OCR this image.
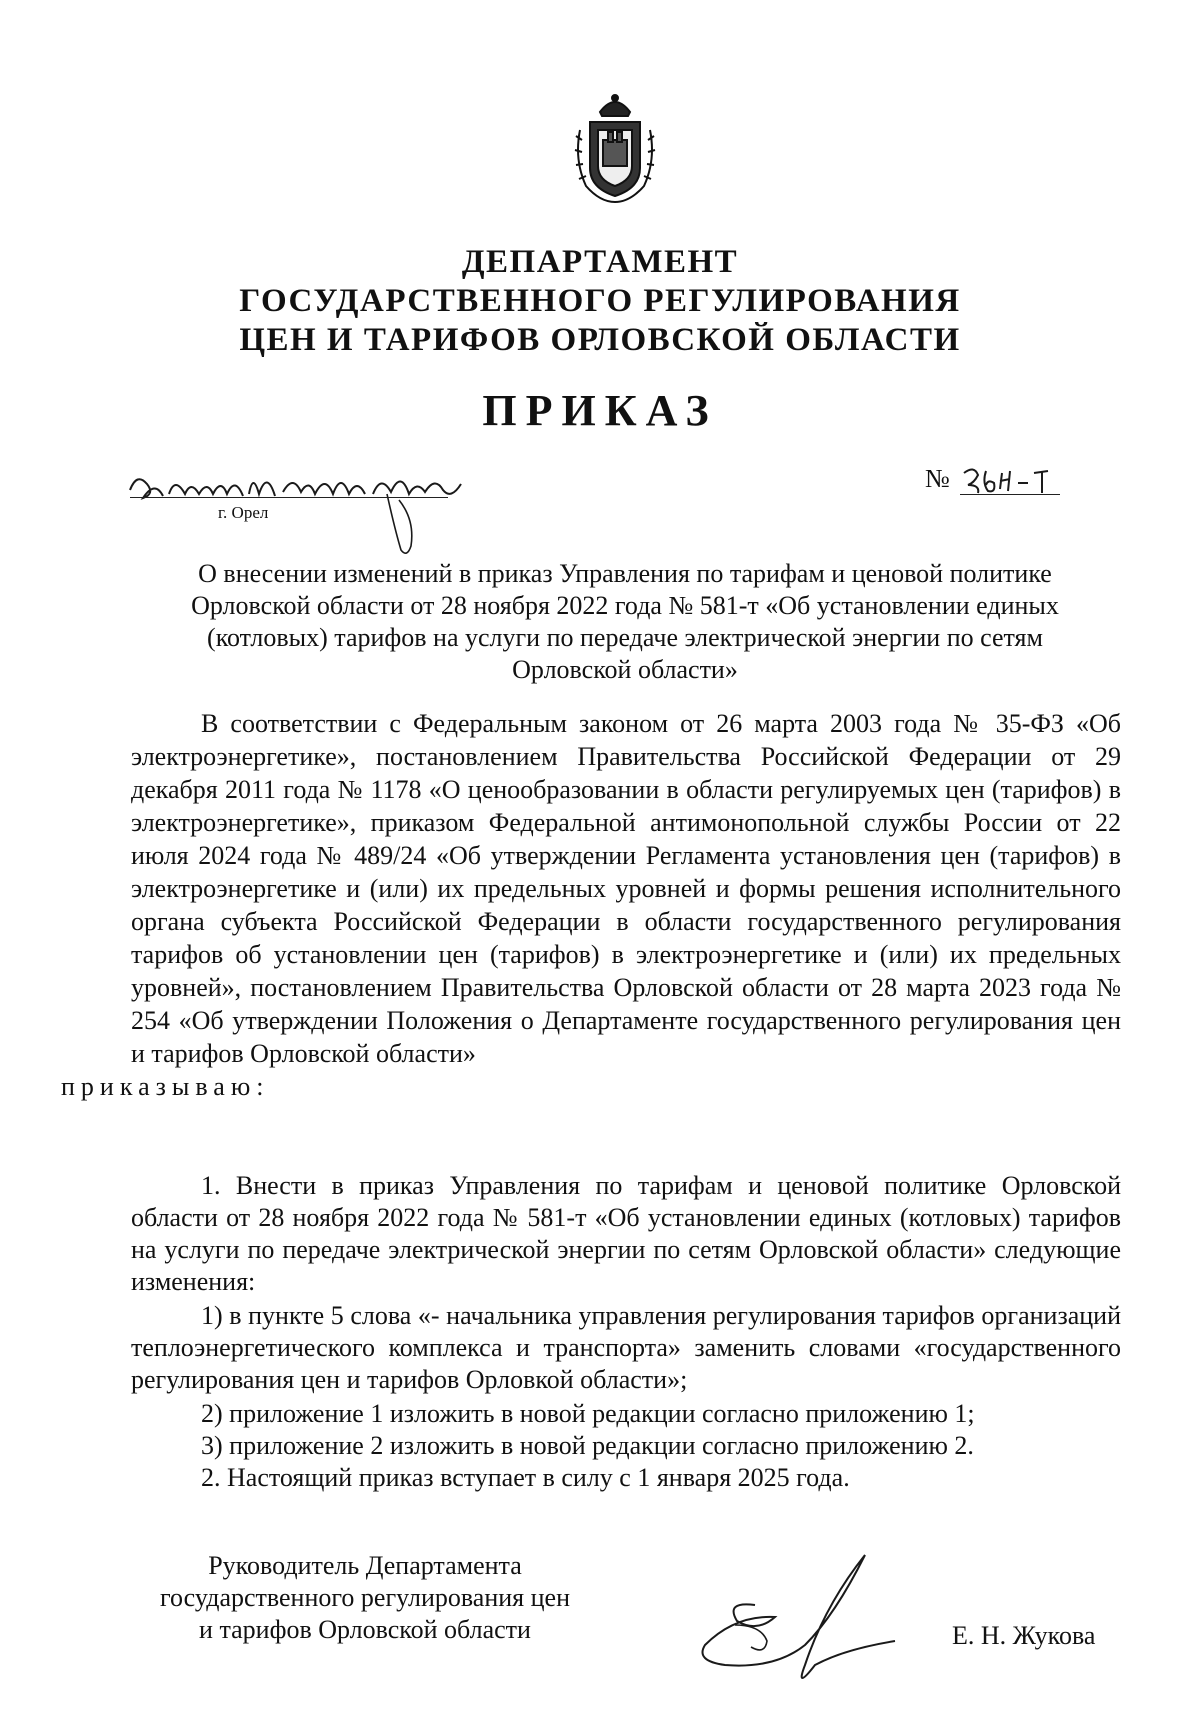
ДЕПАРТАМЕНТ
ГОСУДАРСТВЕННОГО РЕГУЛИРОВАНИЯ
ЦЕН И ТАРИФОВ ОРЛОВСКОЙ ОБЛАСТИ
ПРИКАЗ
г. Орел
№
О внесении изменений в приказ Управления по тарифам и ценовой политике
Орловской области от 28 ноября 2022 года № 581-т «Об установлении единых
(котловых) тарифов на услуги по передаче электрической энергии по сетям
Орловской области»
В соответствии с Федеральным законом от 26 марта 2003 года № 35-ФЗ «Об электроэнергетике», постановлением Правительства Российской Федерации от 29 декабря 2011 года № 1178 «О ценообразовании в области регулируемых цен (тарифов) в электроэнергетике», приказом Федеральной антимонопольной службы России от 22 июля 2024 года № 489/24 «Об утверждении Регламента установления цен (тарифов) в электроэнергетике и (или) их предельных уровней и формы решения исполнительного органа субъекта Российской Федерации в области государственного регулирования тарифов об установлении цен (тарифов) в электроэнергетике и (или) их предельных уровней», постановлением Правительства Орловской области от 28 марта 2023 года № 254 «Об утверждении Положения о Департаменте государственного регулирования цен и тарифов Орловской области»
приказываю:
1. Внести в приказ Управления по тарифам и ценовой политике Орловской области от 28 ноября 2022 года № 581-т «Об установлении единых (котловых) тарифов на услуги по передаче электрической энергии по сетям Орловской области» следующие изменения:
1) в пункте 5 слова «- начальника управления регулирования тарифов организаций теплоэнергетического комплекса и транспорта» заменить словами «государственного регулирования цен и тарифов Орловкой области»;
2) приложение 1 изложить в новой редакции согласно приложению 1;
3) приложение 2 изложить в новой редакции согласно приложению 2.
2. Настоящий приказ вступает в силу с 1 января 2025 года.
Руководитель Департамента
государственного регулирования цен
и тарифов Орловской области	Е. Н. Жукова
